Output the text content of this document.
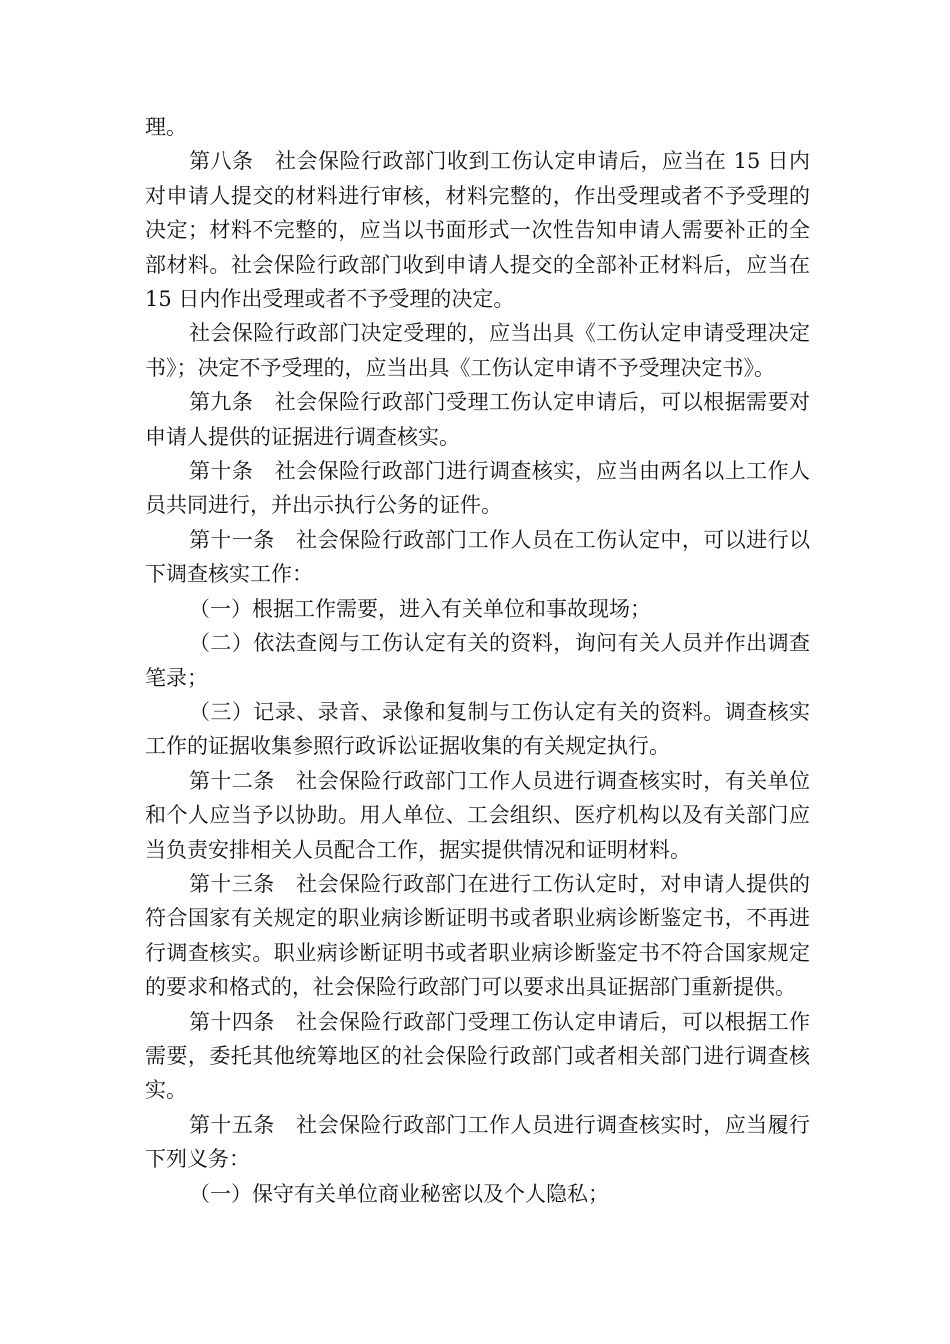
理。

第八条　社会保险行政部门收到工伤认定申请后，应当在 15 日内对申请人提交的材料进行审核，材料完整的，作出受理或者不予受理的决定；材料不完整的，应当以书面形式一次性告知申请人需要补正的全部材料。社会保险行政部门收到申请人提交的全部补正材料后，应当在15 日内作出受理或者不予受理的决定。

社会保险行政部门决定受理的，应当出具《工伤认定申请受理决定书》；决定不予受理的，应当出具《工伤认定申请不予受理决定书》。

第九条　社会保险行政部门受理工伤认定申请后，可以根据需要对申请人提供的证据进行调查核实。

第十条　社会保险行政部门进行调查核实，应当由两名以上工作人员共同进行，并出示执行公务的证件。

第十一条　社会保险行政部门工作人员在工伤认定中，可以进行以下调查核实工作：

（一）根据工作需要，进入有关单位和事故现场；

（二）依法查阅与工伤认定有关的资料，询问有关人员并作出调查笔录；

（三）记录、录音、录像和复制与工伤认定有关的资料。调查核实工作的证据收集参照行政诉讼证据收集的有关规定执行。

第十二条　社会保险行政部门工作人员进行调查核实时，有关单位和个人应当予以协助。用人单位、工会组织、医疗机构以及有关部门应当负责安排相关人员配合工作，据实提供情况和证明材料。

第十三条　社会保险行政部门在进行工伤认定时，对申请人提供的符合国家有关规定的职业病诊断证明书或者职业病诊断鉴定书，不再进行调查核实。职业病诊断证明书或者职业病诊断鉴定书不符合国家规定的要求和格式的，社会保险行政部门可以要求出具证据部门重新提供。

第十四条　社会保险行政部门受理工伤认定申请后，可以根据工作需要，委托其他统筹地区的社会保险行政部门或者相关部门进行调查核实。

第十五条　社会保险行政部门工作人员进行调查核实时，应当履行下列义务：

（一）保守有关单位商业秘密以及个人隐私；
